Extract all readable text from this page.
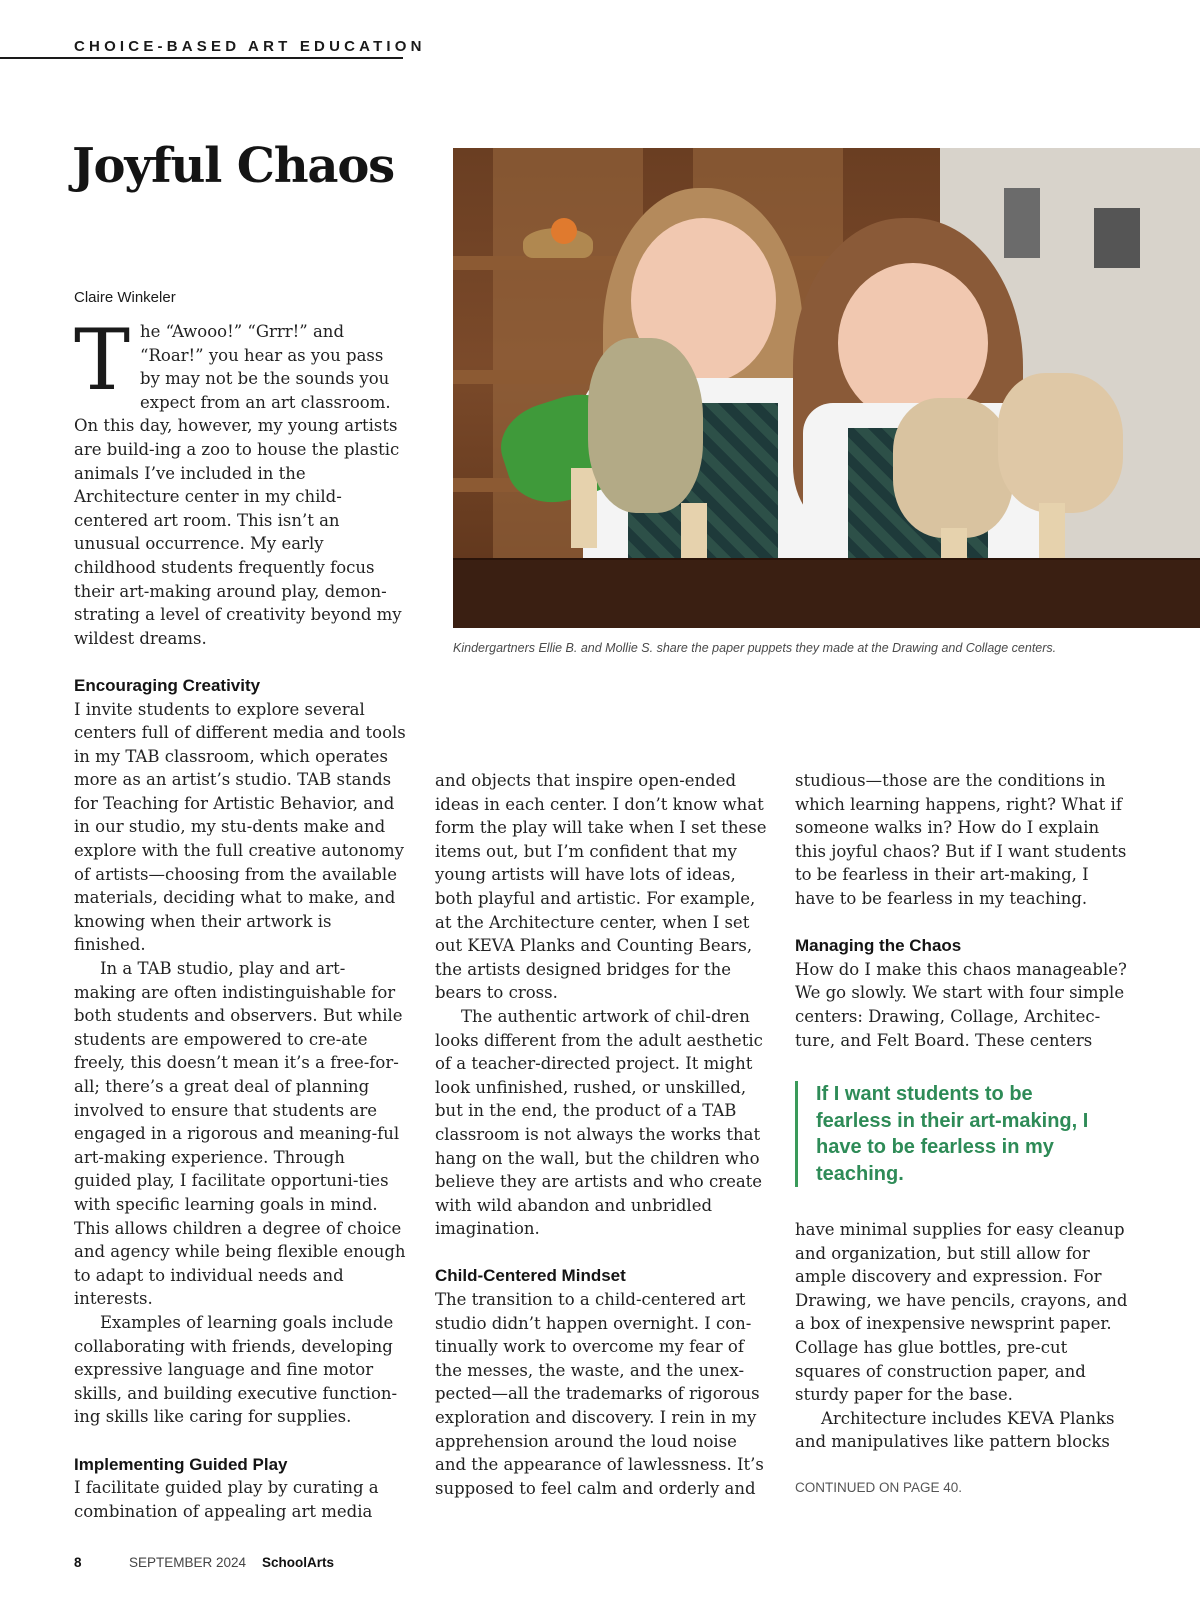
CHOICE-BASED ART EDUCATION
Joyful Chaos
Claire Winkeler
Kindergartners Ellie B. and Mollie S. share the paper puppets they made at the Drawing and Collage centers.

The “Awooo!” “Grrr!” and “Roar!” you hear as you pass by may not be the sounds you expect from an art classroom. On this day, however, my young artists are build-ing a zoo to house the plastic animals I’ve included in the Architecture center in my child-centered art room. This isn’t an unusual occurrence. My early childhood students frequently focus their art-making around play, demon-strating a level of creativity beyond my wildest dreams.

Encouraging Creativity

I invite students to explore several centers full of different media and tools in my TAB classroom, which operates more as an artist’s studio. TAB stands for Teaching for Artistic Behavior, and in our studio, my stu-dents make and explore with the full creative autonomy of artists—choosing from the available materials, deciding what to make, and knowing when their artwork is finished.

In a TAB studio, play and art-making are often indistinguishable for both students and observers. But while students are empowered to cre-ate freely, this doesn’t mean it’s a free-for-all; there’s a great deal of planning involved to ensure that students are engaged in a rigorous and meaning-ful art-making experience. Through guided play, I facilitate opportuni-ties with specific learning goals in mind. This allows children a degree of choice and agency while being flexible enough to adapt to individual needs and interests.

Examples of learning goals include collaborating with friends, developing expressive language and fine motor skills, and building executive function-ing skills like caring for supplies.

Implementing Guided Play

I facilitate guided play by curating a combination of appealing art media

and objects that inspire open-ended ideas in each center. I don’t know what form the play will take when I set these items out, but I’m confident that my young artists will have lots of ideas, both playful and artistic. For example, at the Architecture center, when I set out KEVA Planks and Counting Bears, the artists designed bridges for the bears to cross.

The authentic artwork of chil-dren looks different from the adult aesthetic of a teacher-directed project. It might look unfinished, rushed, or unskilled, but in the end, the product of a TAB classroom is not always the works that hang on the wall, but the children who believe they are artists and who create with wild abandon and unbridled imagination.

Child-Centered Mindset

The transition to a child-centered art studio didn’t happen overnight. I con-tinually work to overcome my fear of the messes, the waste, and the unex-pected—all the trademarks of rigorous exploration and discovery. I rein in my apprehension around the loud noise and the appearance of lawlessness. It’s supposed to feel calm and orderly and

studious—those are the conditions in which learning happens, right? What if someone walks in? How do I explain this joyful chaos? But if I want students to be fearless in their art-making, I have to be fearless in my teaching.

Managing the Chaos

How do I make this chaos manageable? We go slowly. We start with four simple centers: Drawing, Collage, Architec-ture, and Felt Board. These centers

If I want students to be fearless in their art-making, I have to be fearless in my teaching.

have minimal supplies for easy cleanup and organization, but still allow for ample discovery and expression. For Drawing, we have pencils, crayons, and a box of inexpensive newsprint paper. Collage has glue bottles, pre-cut squares of construction paper, and sturdy paper for the base.

Architecture includes KEVA Planks and manipulatives like pattern blocks

CONTINUED ON PAGE 40.
8	SEPTEMBER 2024 SchoolArts
